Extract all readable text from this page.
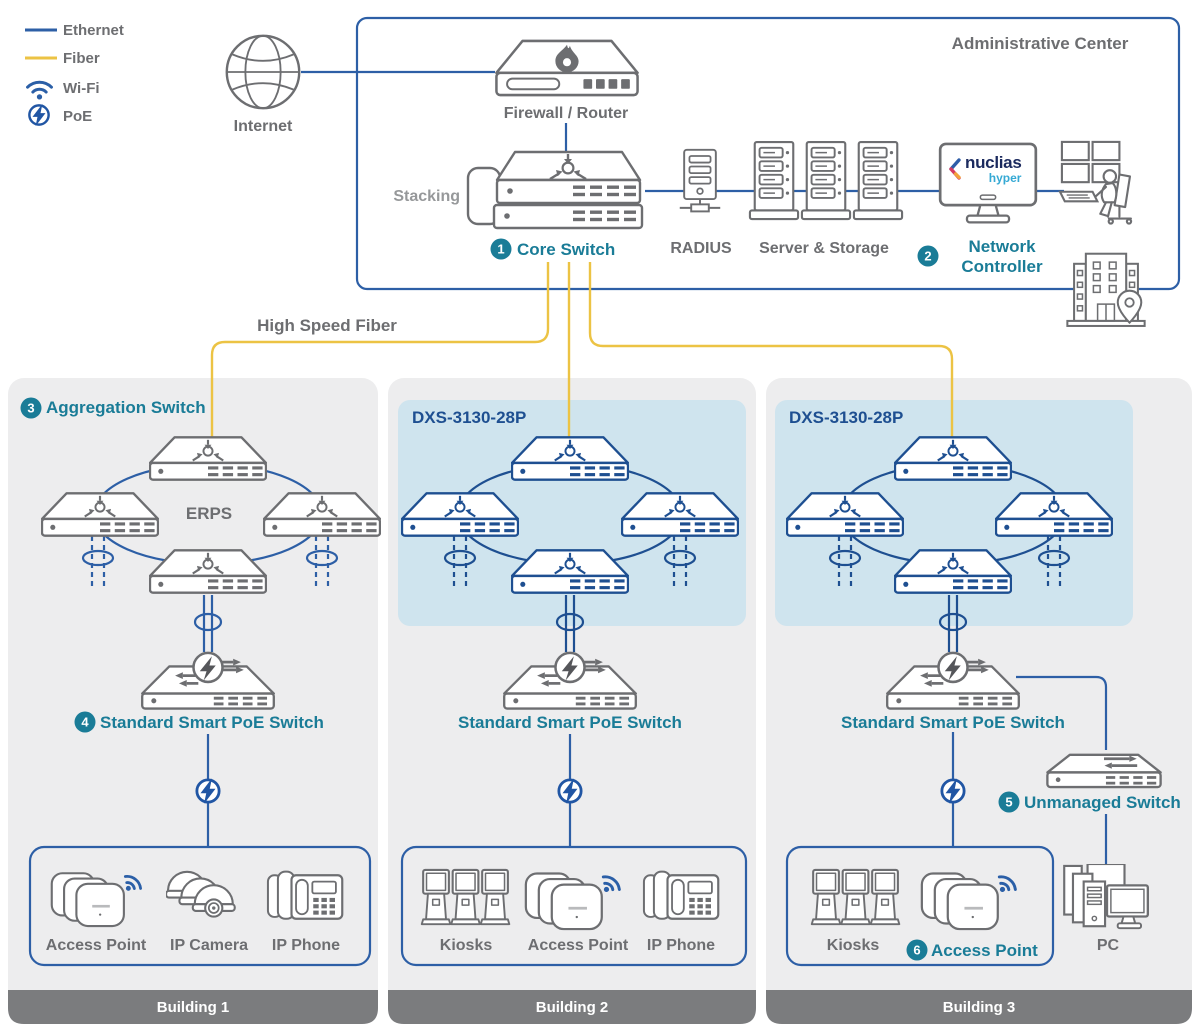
Ethernet
Fiber
Wi-Fi
PoE
Internet
Administrative Center
Firewall / Router
Stacking
1 Core Switch	RADIUS Server & Storage	2	Network Controller
nuclias
hyper
High Speed Fiber
3 Aggregation Switch
ERPS
4 Standard Smart PoE Switch
Access Point IP Camera IP Phone
Building 1
DXS-3130-28P
Standard Smart PoE Switch
Kiosks Access Point IP Phone
Building 2
DXS-3130-28P
Standard Smart PoE Switch
5 Unmanaged Switch
Kiosks	6 Access Point	PC
Building 3
